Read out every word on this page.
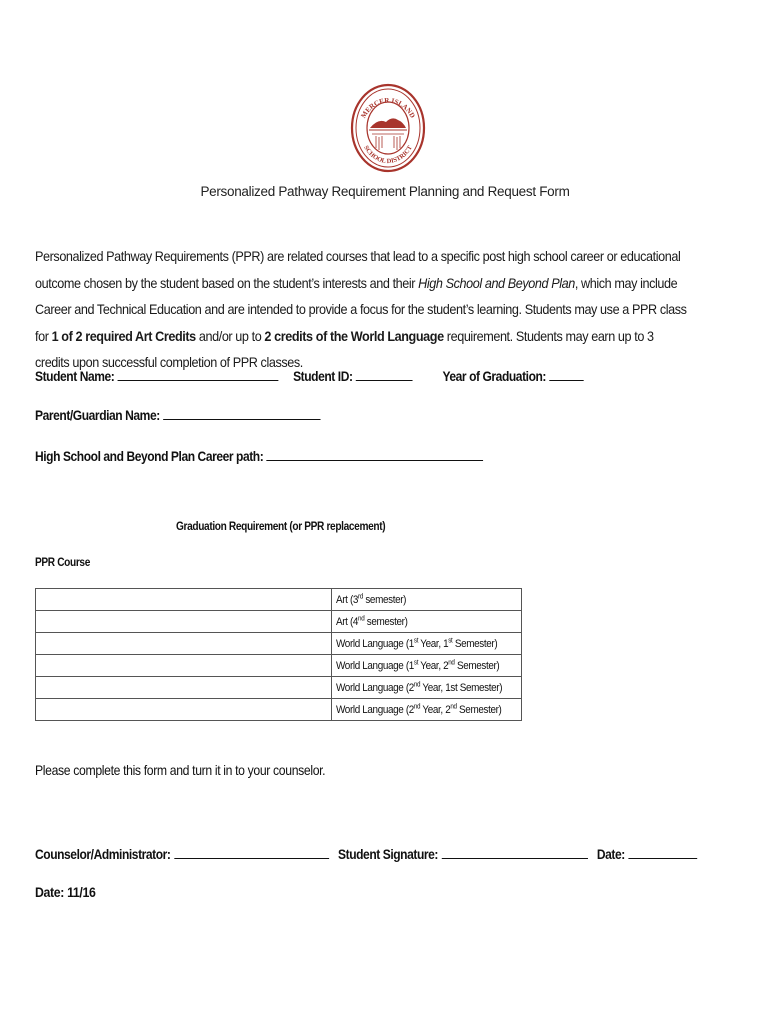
MERCER ISLAND
SCHOOL DISTRICT
Personalized Pathway Requirement Planning and Request Form
Personalized Pathway Requirements (PPR) are related courses that lead to a specific post high school career or educational outcome chosen by the student based on the student’s interests and their High School and Beyond Plan, which may include Career and Technical Education and are intended to provide a focus for the student’s learning. Students may use a PPR class for 1 of 2 required Art Credits and/or up to 2 credits of the World Language requirement. Students may earn up to 3 credits upon successful completion of PPR classes.
Student Name:	Student ID:	Year of Graduation:
Parent/Guardian Name:
High School and Beyond Plan Career path:
Graduation Requirement (or PPR replacement)
PPR Course
	Art (3rd semester)
	Art (4nd semester)
	World Language (1st Year, 1st Semester)
	World Language (1st Year, 2nd Semester)
	World Language (2nd Year, 1st Semester)
	World Language (2nd Year, 2nd Semester)
Please complete this form and turn it in to your counselor.
Counselor/Administrator:	Student Signature:	Date:
Date: 11/16
